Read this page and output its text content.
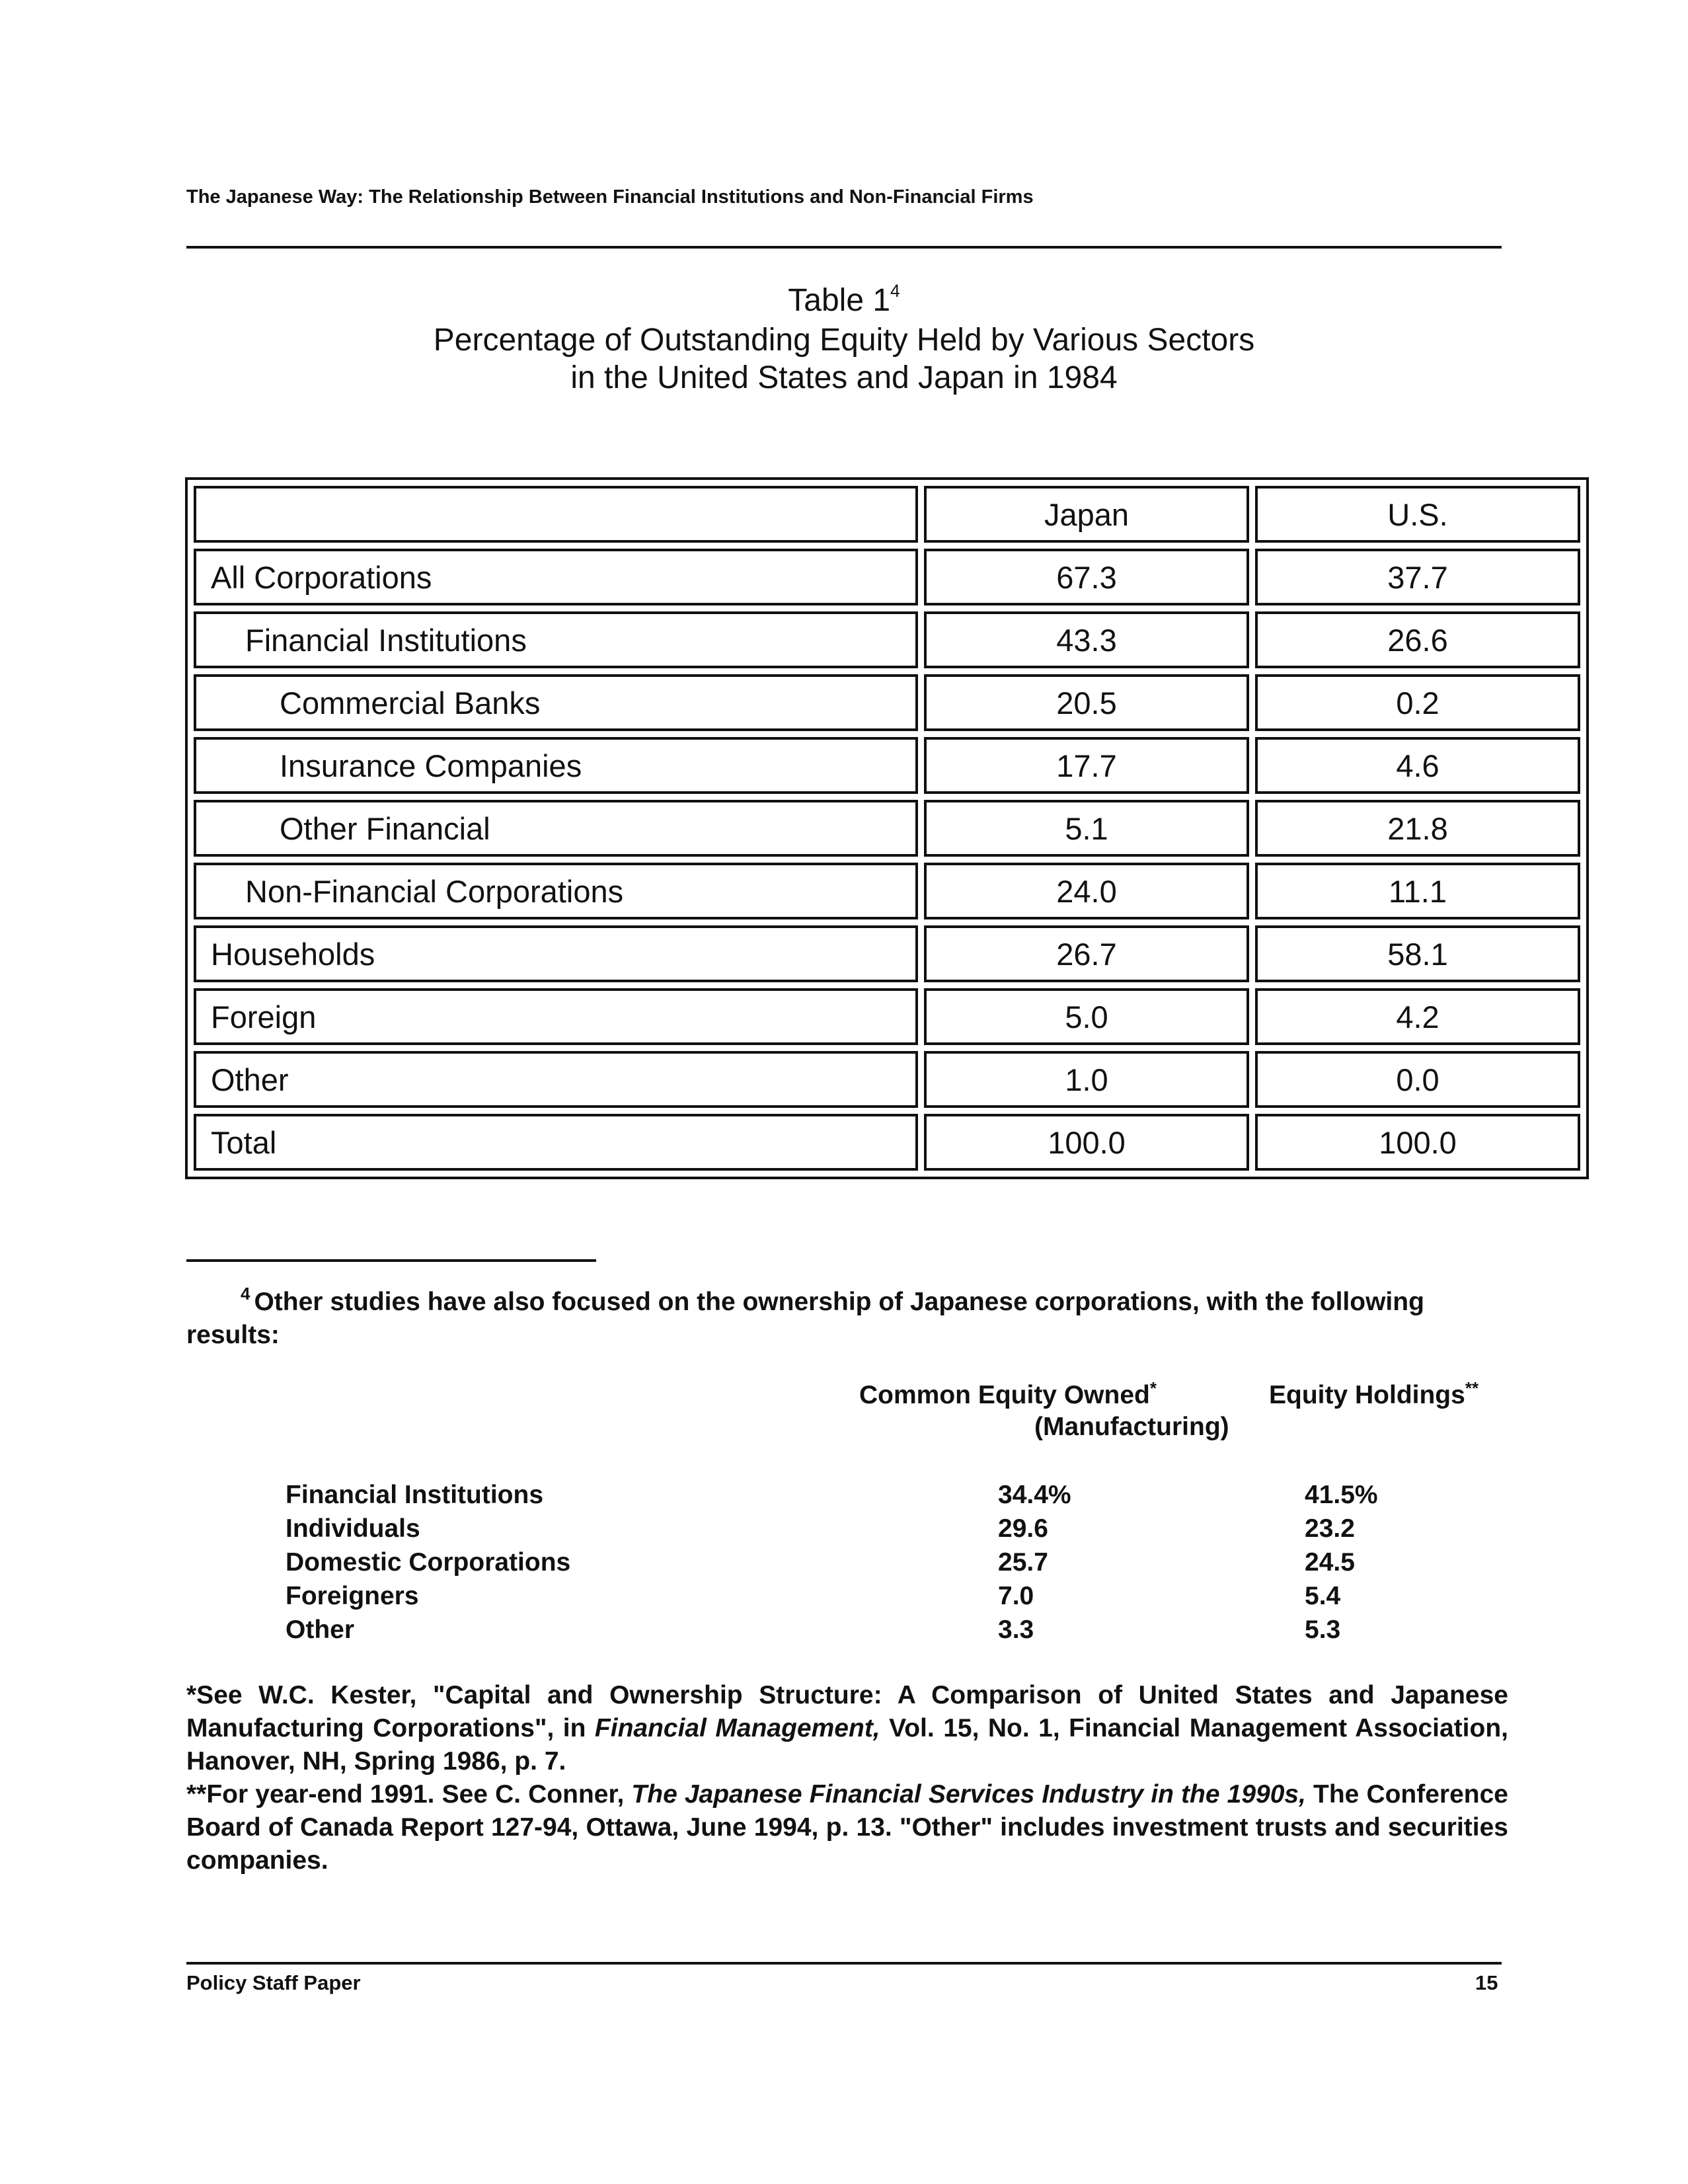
The Japanese Way: The Relationship Between Financial Institutions and Non-Financial Firms
Table $1^4$
Percentage of Outstanding Equity Held by Various Sectors
in the United States and Japan in 1984
	Japan	U.S.
All Corporations	67.3	37.7
Financial Institutions	43.3	26.6
Commercial Banks	20.5	0.2
Insurance Companies	17.7	4.6
Other Financial	5.1	21.8
Non-Financial Corporations	24.0	11.1
Households	26.7	58.1
Foreign	5.0	4.2
Other	1.0	0.0
Total	100.0	100.0
$^4$ Other studies have also focused on the ownership of Japanese corporations, with the following results:
Common Equity Owned*
(Manufacturing)
Equity Holdings**
Financial Institutions	34.4%	41.5%
Individuals	29.6	23.2
Domestic Corporations	25.7	24.5
Foreigners	7.0	5.4
Other	3.3	5.3
*See W.C. Kester, "Capital and Ownership Structure: A Comparison of United States and Japanese Manufacturing Corporations", in Financial Management, Vol. 15, No. 1, Financial Management Association, Hanover, NH, Spring 1986, p. 7.
**For year-end 1991. See C. Conner, The Japanese Financial Services Industry in the 1990s, The Conference Board of Canada Report 127-94, Ottawa, June 1994, p. 13. "Other" includes investment trusts and securities companies.
Policy Staff Paper	15
